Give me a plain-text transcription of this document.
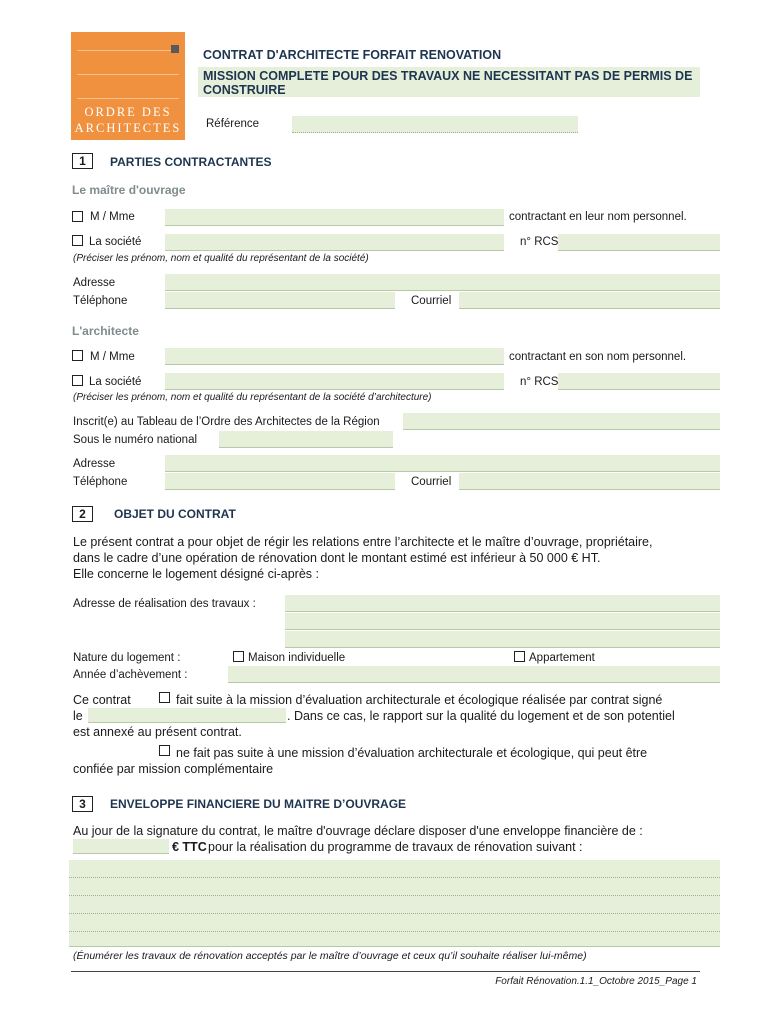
ORDRE DES
ARCHITECTES
CONTRAT D'ARCHITECTE FORFAIT RENOVATION
MISSION COMPLETE POUR DES TRAVAUX NE NECESSITANT PAS DE PERMIS DE CONSTRUIRE
Référence
1	PARTIES CONTRACTANTES
Le maître d'ouvrage
M / Mme	contractant en leur nom personnel.
La société	n° RCS
(Préciser les prénom, nom et qualité du représentant de la société)
Adresse
Téléphone	Courriel
L'architecte
M / Mme	contractant en son nom personnel.
La société	n° RCS
(Préciser les prénom, nom et qualité du représentant de la société d’architecture)
Inscrit(e) au Tableau de l’Ordre des Architectes de la Région
Sous le numéro national
Adresse
Téléphone	Courriel
2	OBJET DU CONTRAT
Le présent contrat a pour objet de régir les relations entre l’architecte et le maître d’ouvrage, propriétaire,
dans le cadre d’une opération de rénovation dont le montant estimé est inférieur à 50 000 € HT.
Elle concerne le logement désigné ci-après :
Adresse de réalisation des travaux :
Nature du logement :	Maison individuelle	Appartement
Année d’achèvement :
Ce contrat	fait suite à la mission d’évaluation architecturale et écologique réalisée par contrat signé
le	. Dans ce cas, le rapport sur la qualité du logement et de son potentiel
est annexé au présent contrat.
ne fait pas suite à une mission d’évaluation architecturale et écologique, qui peut être
confiée par mission complémentaire
3	ENVELOPPE FINANCIERE DU MAITRE D’OUVRAGE
Au jour de la signature du contrat, le maître d'ouvrage déclare disposer d'une enveloppe financière de :
€ TTC pour la réalisation du programme de travaux de rénovation suivant :
(Énumérer les travaux de rénovation acceptés par le maître d’ouvrage et ceux qu’il souhaite réaliser lui-même)
Forfait Rénovation.1.1_Octobre 2015_Page 1
